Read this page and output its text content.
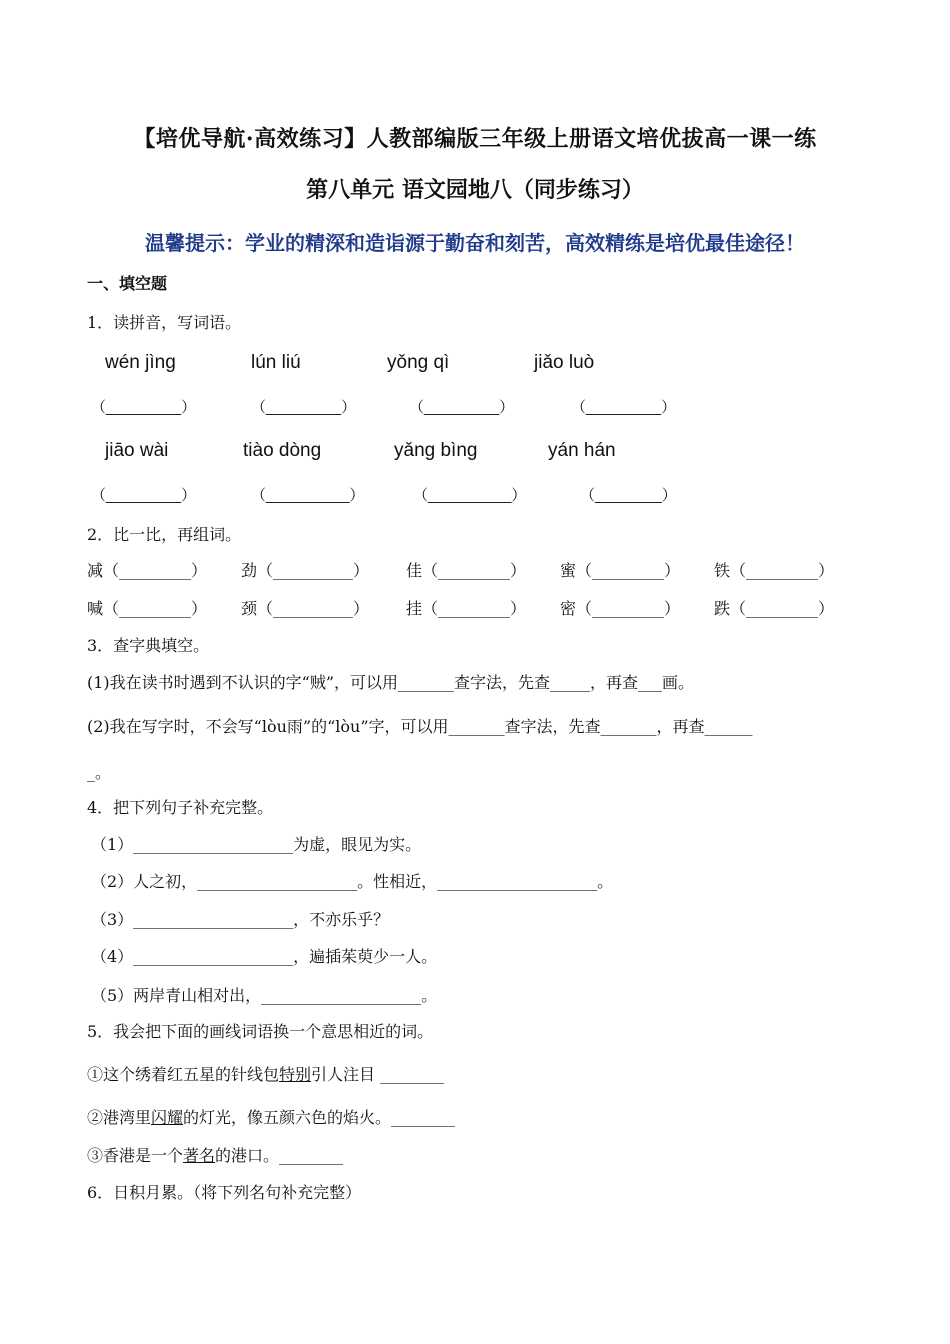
【培优导航·高效练习】人教部编版三年级上册语文培优拔高一课一练
第八单元 语文园地八（同步练习）
温馨提示：学业的精深和造诣源于勤奋和刻苦，高效精练是培优最佳途径！
一、填空题
1．读拼音，写词语。
wén jìng	lún liú	yǒng qì	jiǎo luò
（_________）	（_________）	（_________）	（_________）
jiāo wài	tiào dòng	yǎng bìng	yán hán
（_________）	（__________）	（__________）	（________）
2．比一比，再组词。
减（_________） 劲（__________） 佳（_________） 蜜（_________） 铁（_________）
喊（_________） 颈（__________） 挂（_________） 密（_________） 跌（_________）
3．查字典填空。
(1)我在读书时遇到不认识的字“贼”，可以用_______查字法，先查_____，再查___画。
(2)我在写字时，不会写“lòu雨”的“lòu”字，可以用_______查字法，先查_______，再查______
_。
4．把下列句子补充完整。
（1）____________________为虚，眼见为实。
（2）人之初，____________________。性相近，____________________。
（3）____________________，不亦乐乎？
（4）____________________，遍插茱萸少一人。
（5）两岸青山相对出，____________________。
5．我会把下面的画线词语换一个意思相近的词。
①这个绣着红五星的针线包特别引人注目 ________
②港湾里闪耀的灯光，像五颜六色的焰火。________
③香港是一个著名的港口。________
6．日积月累。（将下列名句补充完整）
